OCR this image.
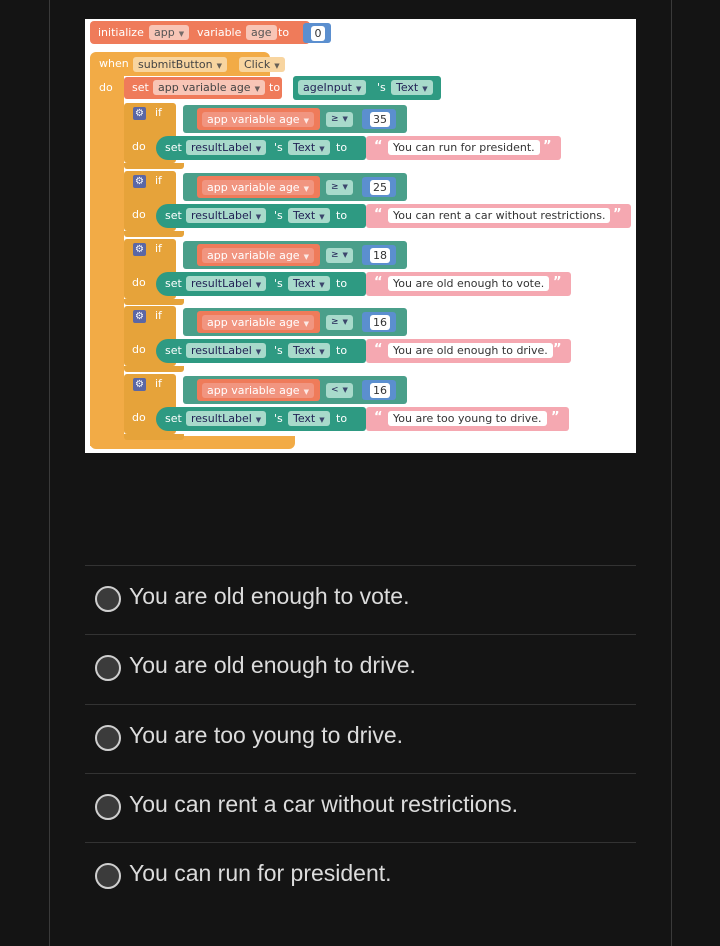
initialize app ▼	variable age to	0
when submitButton ▼	Click ▼
do set app variable age ▼ to	ageInput ▼	's Text ▼
⚙ if
do
app variable age ▼	≥ ▼	35
set resultLabel ▼	's Text ▼	to “ You can run for president. ”
⚙ if
do
app variable age ▼	≥ ▼	25
set resultLabel ▼	's Text ▼	to “ You can rent a car without restrictions. ”
⚙ if
do
app variable age ▼	≥ ▼	18
set resultLabel ▼	's Text ▼	to “ You are old enough to vote. ”
⚙ if
do
app variable age ▼	≥ ▼	16
set resultLabel ▼	's Text ▼	to “ You are old enough to drive. ”
⚙ if
do
app variable age ▼	< ▼	16
set resultLabel ▼	's Text ▼	to “ You are too young to drive. ”
You are old enough to vote.
You are old enough to drive.
You are too young to drive.
You can rent a car without restrictions.
You can run for president.
